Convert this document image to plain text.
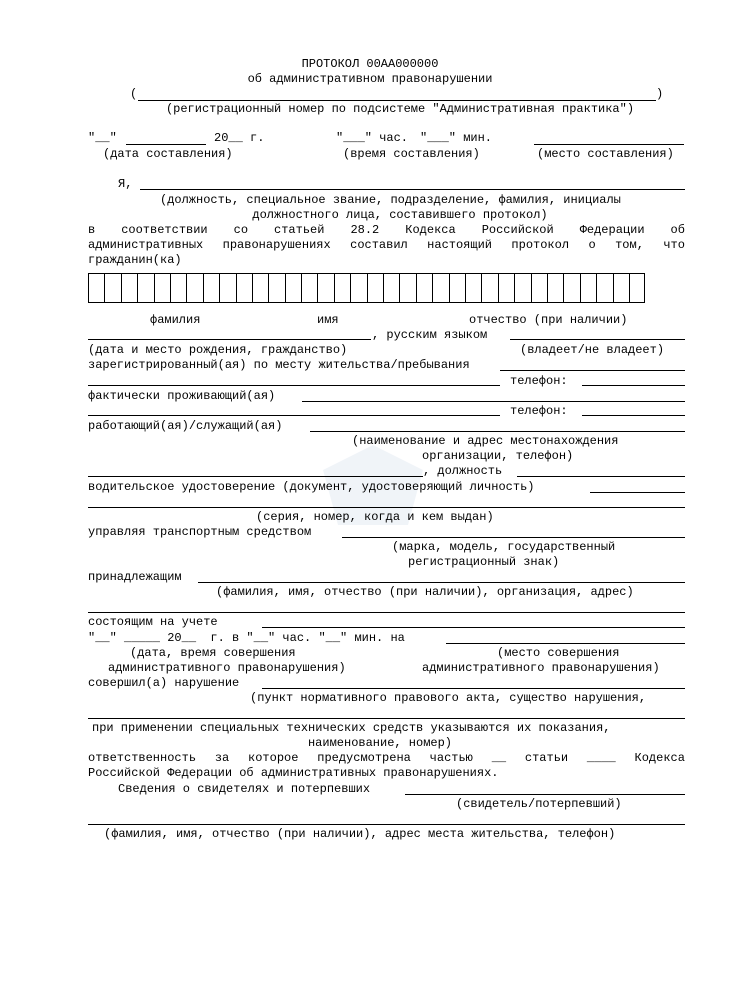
ПРОТОКОЛ 00АА000000
об административном правонарушении
(	)
(регистрационный номер по подсистеме "Административная практика")
"__"	20__ г.	"___" час. "___" мин.
(дата составления)	(время составления)	(место составления)
Я,
(должность, специальное звание, подразделение, фамилия, инициалы
должностного лица, составившего протокол)
в соответствии со статьей 28.2 Кодекса Российской Федерации об
административных правонарушениях составил настоящий протокол о том, что
гражданин(ка)
фамилия	имя	отчество (при наличии)
, русским языком
(дата и место рождения, гражданство)	(владеет/не владеет)
зарегистрированный(ая) по месту жительства/пребывания
телефон:
фактически проживающий(ая)
телефон:
работающий(ая)/служащий(ая)
(наименование и адрес местонахождения
организации, телефон)
, должность
водительское удостоверение (документ, удостоверяющий личность)
(серия, номер, когда и кем выдан)
управляя транспортным средством
(марка, модель, государственный
регистрационный знак)
принадлежащим
(фамилия, имя, отчество (при наличии), организация, адрес)
состоящим на учете
"__" _____ 20__  г. в "__" час. "__" мин. на
(дата, время совершения
административного правонарушения)
(место совершения
административного правонарушения)
совершил(а) нарушение
(пункт нормативного правового акта, существо нарушения,
при применении специальных технических средств указываются их показания,
наименование, номер)
ответственность за которое предусмотрена частью __ статьи ____ Кодекса
Российской Федерации об административных правонарушениях.
Сведения о свидетелях и потерпевших
(свидетель/потерпевший)
(фамилия, имя, отчество (при наличии), адрес места жительства, телефон)
